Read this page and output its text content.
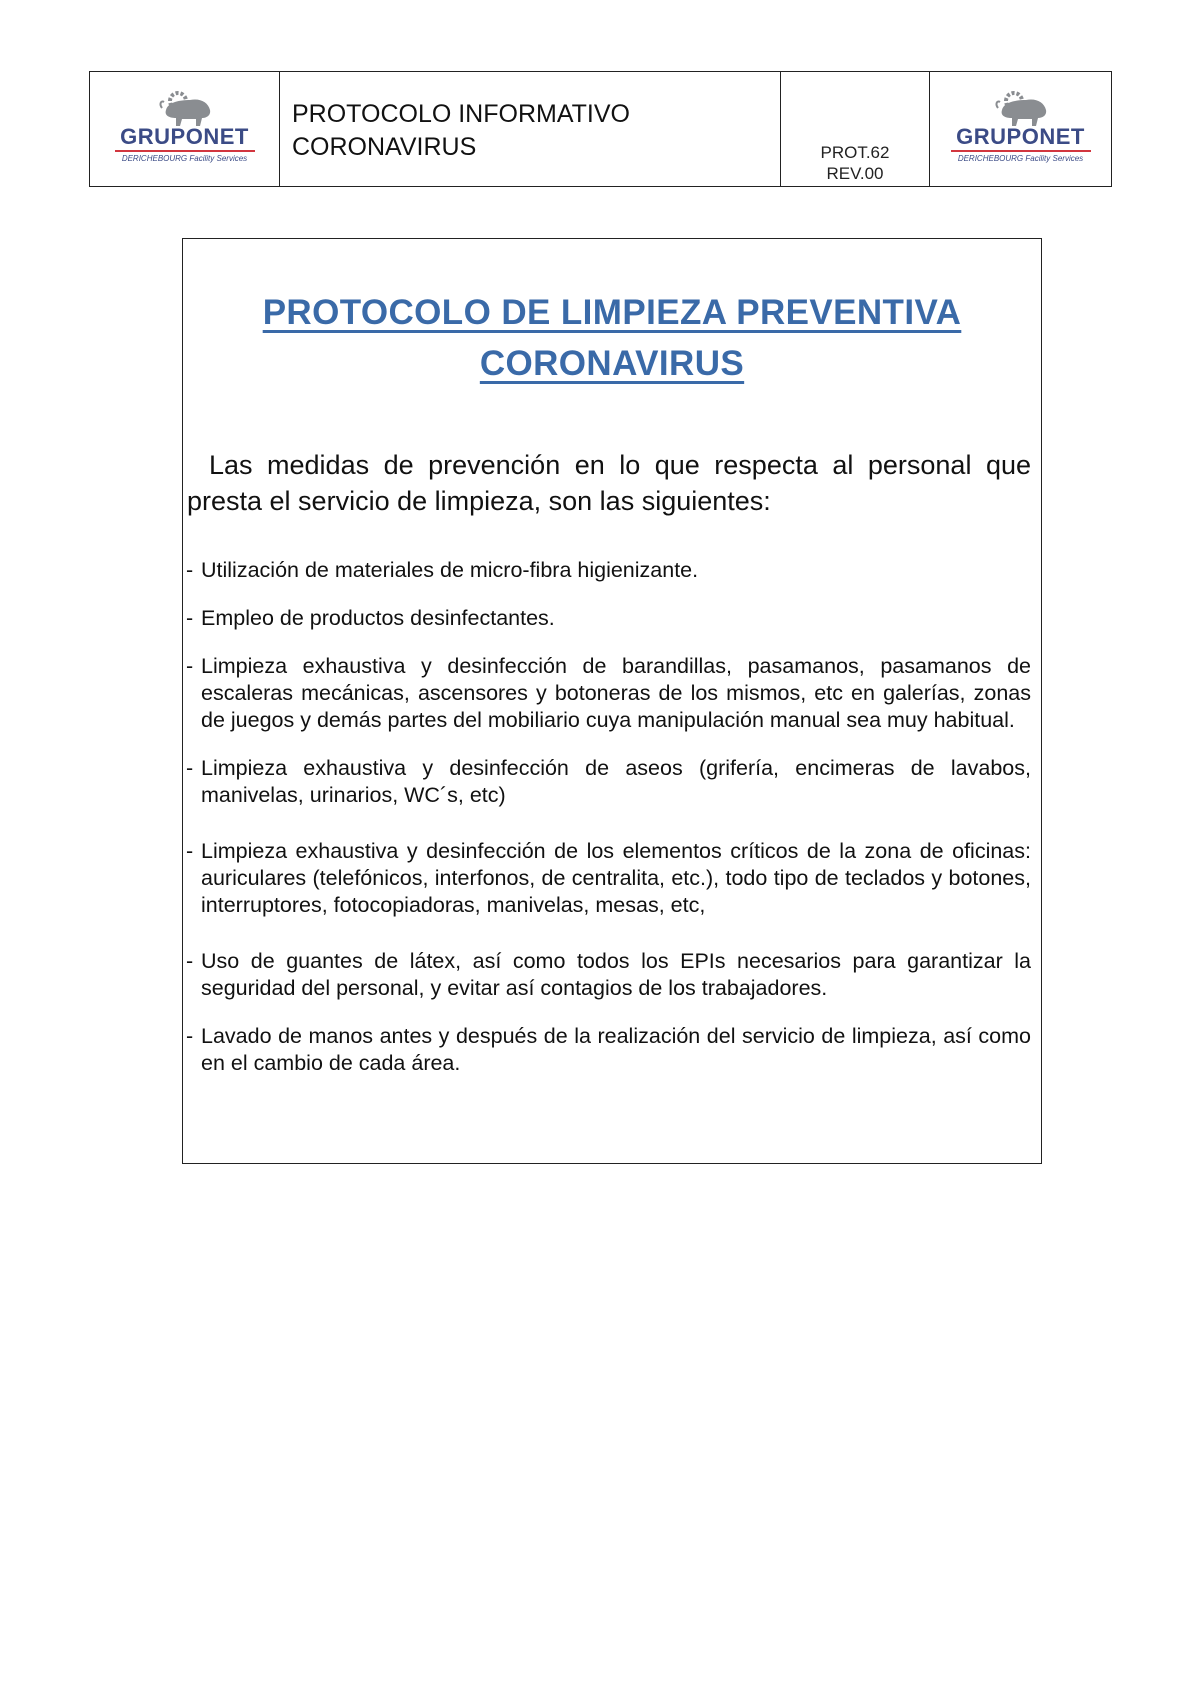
GRUPONET
DERICHEBOURG Facility Services
PROTOCOLO INFORMATIVO
CORONAVIRUS	PROT.62
REV.00
GRUPONET
DERICHEBOURG Facility Services
PROTOCOLO DE LIMPIEZA PREVENTIVA
CORONAVIRUS
Las medidas de prevención en lo que respecta al personal que presta el servicio de limpieza, son las siguientes:
- Utilización de materiales de micro-fibra higienizante.
- Empleo de productos desinfectantes.
- Limpieza exhaustiva y desinfección de barandillas, pasamanos, pasamanos de escaleras mecánicas, ascensores y botoneras de los mismos, etc en galerías, zonas de juegos y demás partes del mobiliario cuya manipulación manual sea muy habitual.
- Limpieza exhaustiva y desinfección de aseos (grifería, encimeras de lavabos, manivelas, urinarios, WC´s, etc)
- Limpieza exhaustiva y desinfección de los elementos críticos de la zona de oficinas: auriculares (telefónicos, interfonos, de centralita, etc.), todo tipo de teclados y botones, interruptores, fotocopiadoras, manivelas, mesas, etc,
- Uso de guantes de látex, así como todos los EPIs necesarios para garantizar la seguridad del personal, y evitar así contagios de los trabajadores.
- Lavado de manos antes y después de la realización del servicio de limpieza, así como en el cambio de cada área.
